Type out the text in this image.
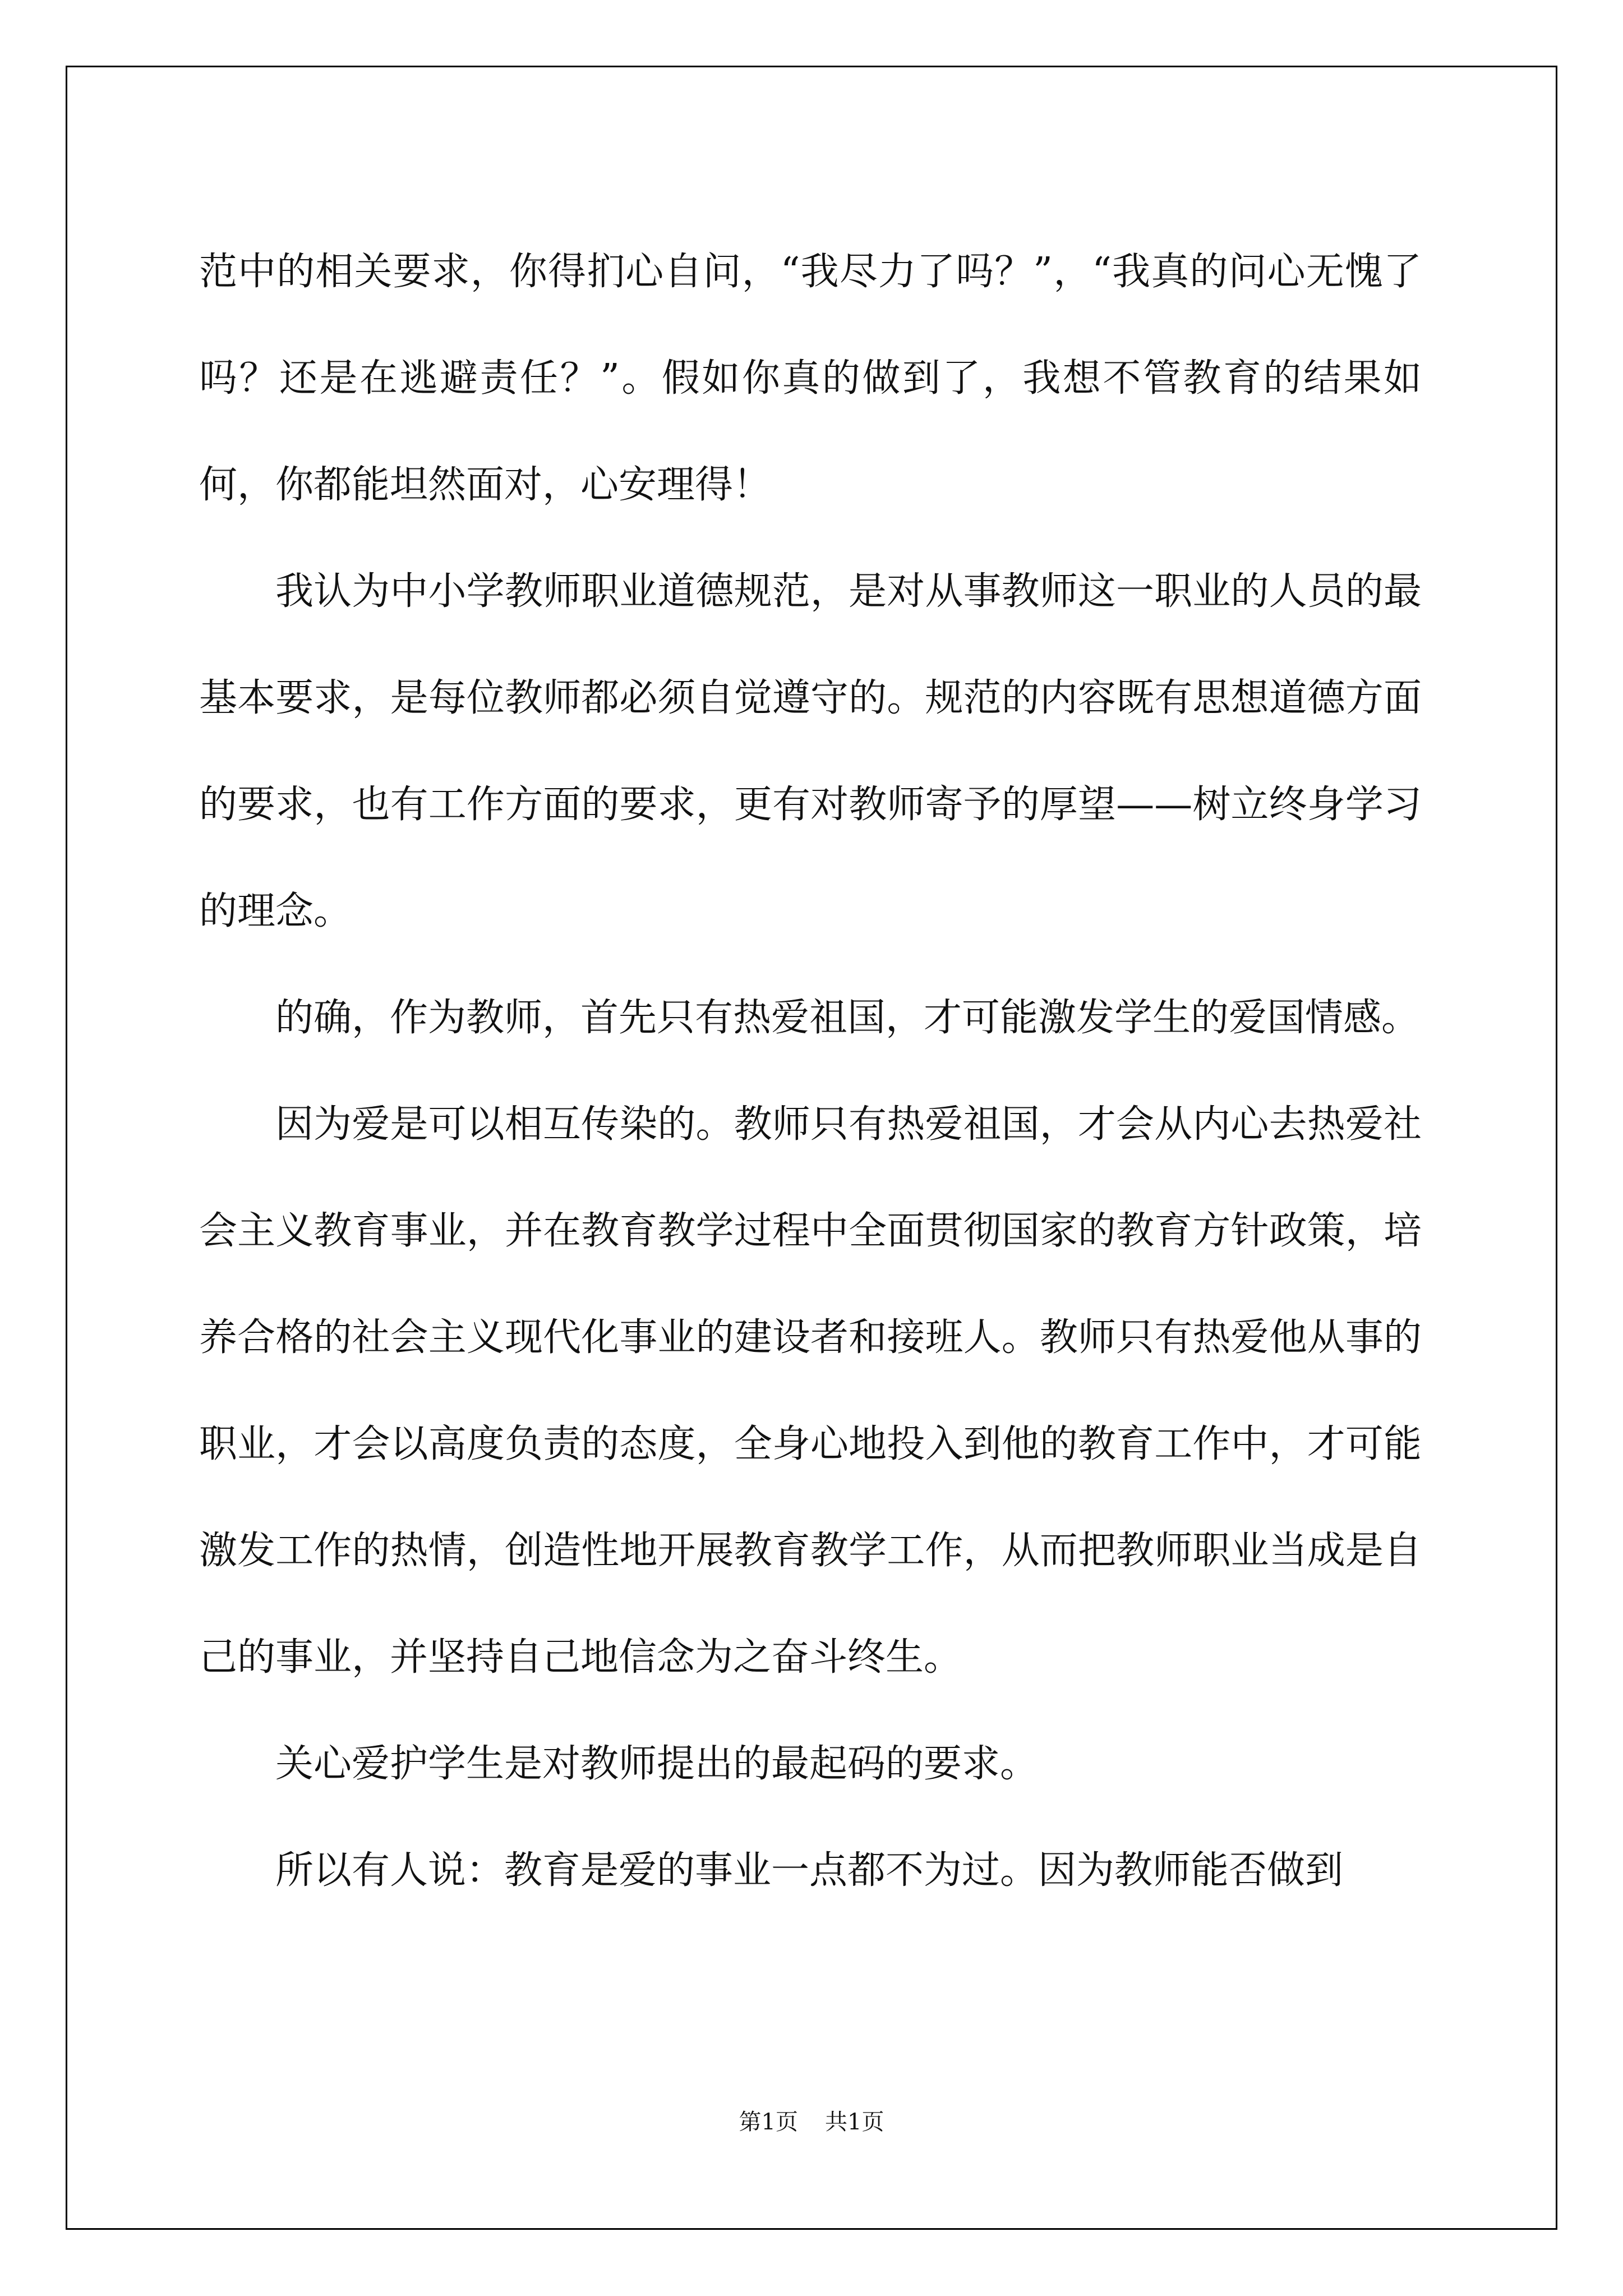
范中的相关要求，你得扪心自问，“我尽力了吗？”，“我真的问心无愧了吗？还是在逃避责任？”。假如你真的做到了，我想不管教育的结果如何，你都能坦然面对，心安理得！

我认为中小学教师职业道德规范，是对从事教师这一职业的人员的最基本要求，是每位教师都必须自觉遵守的。规范的内容既有思想道德方面的要求，也有工作方面的要求，更有对教师寄予的厚望——树立终身学习的理念。

的确，作为教师，首先只有热爱祖国，才可能激发学生的爱国情感。

因为爱是可以相互传染的。教师只有热爱祖国，才会从内心去热爱社会主义教育事业，并在教育教学过程中全面贯彻国家的教育方针政策，培养合格的社会主义现代化事业的建设者和接班人。教师只有热爱他从事的职业，才会以高度负责的态度，全身心地投入到他的教育工作中，才可能激发工作的热情，创造性地开展教育教学工作，从而把教师职业当成是自己的事业，并坚持自己地信念为之奋斗终生。

关心爱护学生是对教师提出的最起码的要求。

所以有人说：教育是爱的事业一点都不为过。因为教师能否做到

第1页 共1页
